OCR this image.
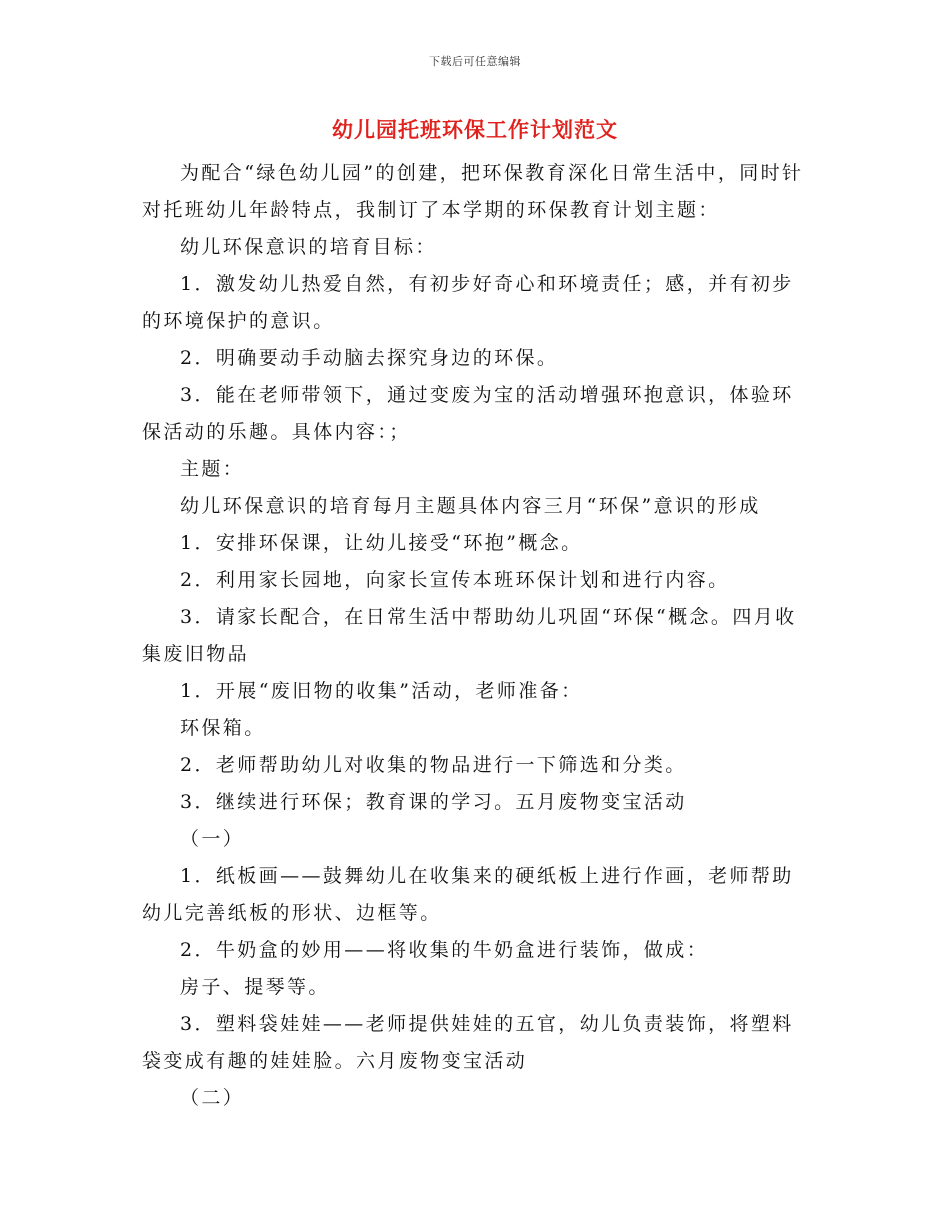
下载后可任意编辑
幼儿园托班环保工作计划范文

为配合“绿色幼儿园”的创建，把环保教育深化日常生活中，同时针对托班幼儿年龄特点，我制订了本学期的环保教育计划主题：

幼儿环保意识的培育目标：

1．激发幼儿热爱自然，有初步好奇心和环境责任；感，并有初步的环境保护的意识。

2．明确要动手动脑去探究身边的环保。

3．能在老师带领下，通过变废为宝的活动增强环抱意识，体验环保活动的乐趣。具体内容：；

主题：

幼儿环保意识的培育每月主题具体内容三月“环保”意识的形成

1．安排环保课，让幼儿接受“环抱”概念。

2．利用家长园地，向家长宣传本班环保计划和进行内容。

3．请家长配合，在日常生活中帮助幼儿巩固“环保“概念。四月收集废旧物品

1．开展“废旧物的收集”活动，老师准备：

环保箱。

2．老师帮助幼儿对收集的物品进行一下筛选和分类。

3．继续进行环保；教育课的学习。五月废物变宝活动

（一）

1．纸板画——鼓舞幼儿在收集来的硬纸板上进行作画，老师帮助幼儿完善纸板的形状、边框等。

2．牛奶盒的妙用——将收集的牛奶盒进行装饰，做成：

房子、提琴等。

3．塑料袋娃娃——老师提供娃娃的五官，幼儿负责装饰，将塑料袋变成有趣的娃娃脸。六月废物变宝活动

（二）
